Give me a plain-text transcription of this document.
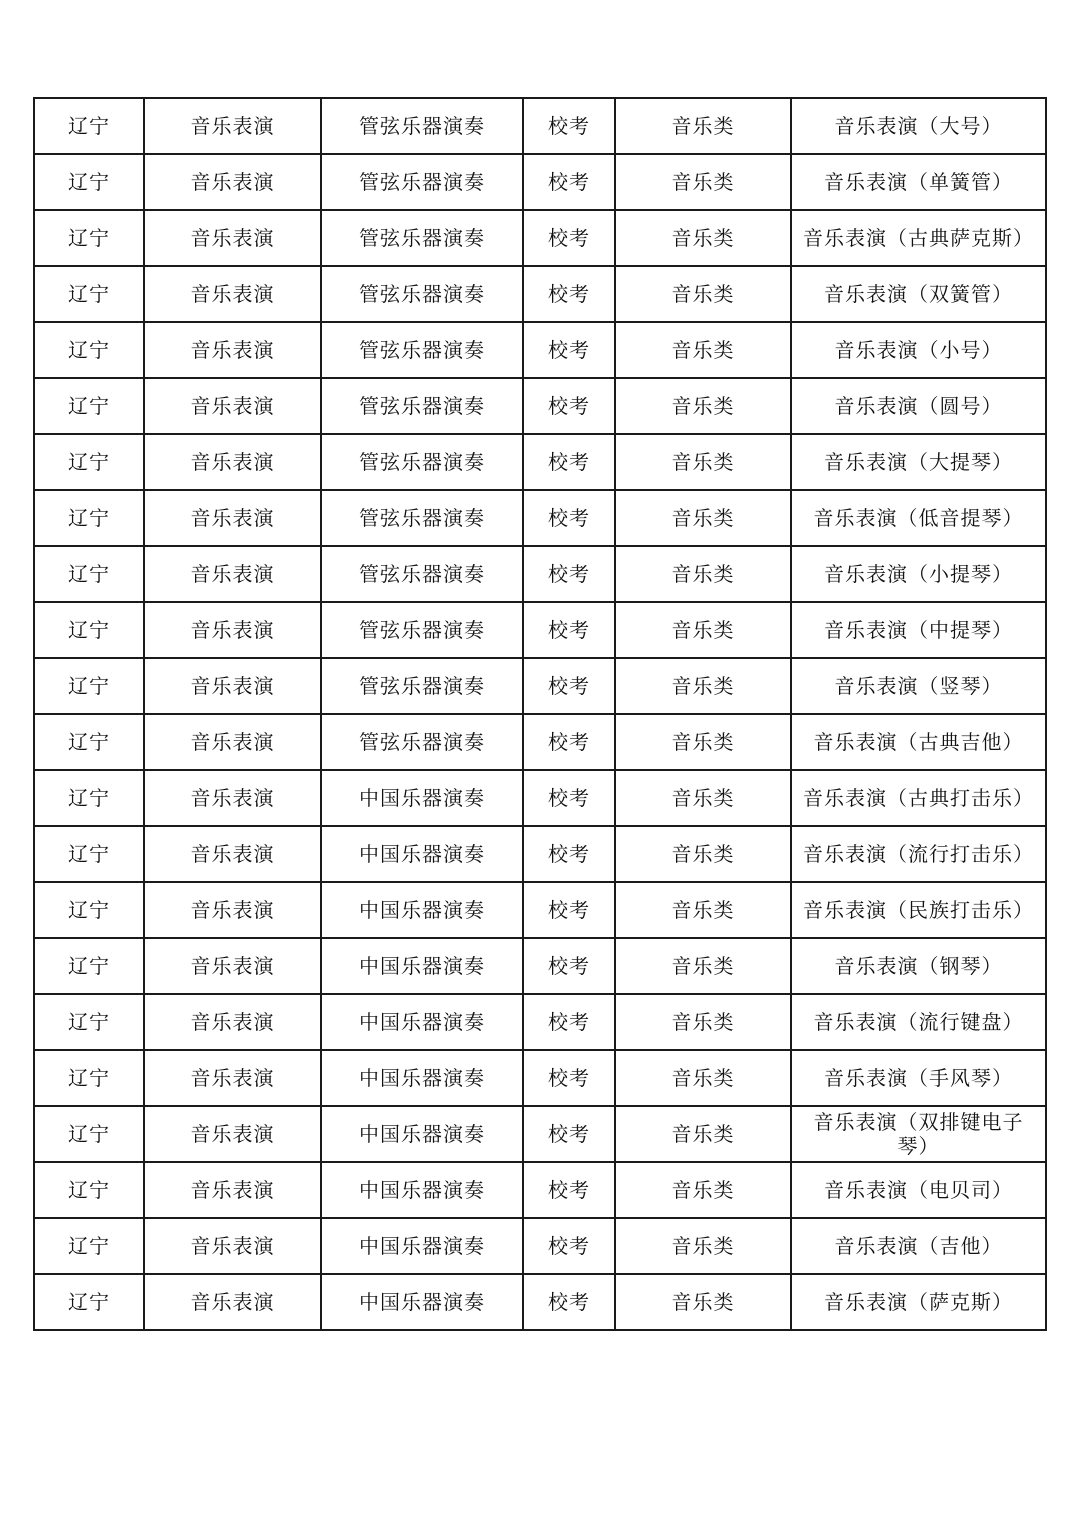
辽宁	音乐表演	管弦乐器演奏	校考	音乐类	音乐表演（大号）
辽宁	音乐表演	管弦乐器演奏	校考	音乐类	音乐表演（单簧管）
辽宁	音乐表演	管弦乐器演奏	校考	音乐类	音乐表演（古典萨克斯）
辽宁	音乐表演	管弦乐器演奏	校考	音乐类	音乐表演（双簧管）
辽宁	音乐表演	管弦乐器演奏	校考	音乐类	音乐表演（小号）
辽宁	音乐表演	管弦乐器演奏	校考	音乐类	音乐表演（圆号）
辽宁	音乐表演	管弦乐器演奏	校考	音乐类	音乐表演（大提琴）
辽宁	音乐表演	管弦乐器演奏	校考	音乐类	音乐表演（低音提琴）
辽宁	音乐表演	管弦乐器演奏	校考	音乐类	音乐表演（小提琴）
辽宁	音乐表演	管弦乐器演奏	校考	音乐类	音乐表演（中提琴）
辽宁	音乐表演	管弦乐器演奏	校考	音乐类	音乐表演（竖琴）
辽宁	音乐表演	管弦乐器演奏	校考	音乐类	音乐表演（古典吉他）
辽宁	音乐表演	中国乐器演奏	校考	音乐类	音乐表演（古典打击乐）
辽宁	音乐表演	中国乐器演奏	校考	音乐类	音乐表演（流行打击乐）
辽宁	音乐表演	中国乐器演奏	校考	音乐类	音乐表演（民族打击乐）
辽宁	音乐表演	中国乐器演奏	校考	音乐类	音乐表演（钢琴）
辽宁	音乐表演	中国乐器演奏	校考	音乐类	音乐表演（流行键盘）
辽宁	音乐表演	中国乐器演奏	校考	音乐类	音乐表演（手风琴）
辽宁	音乐表演	中国乐器演奏	校考	音乐类	音乐表演（双排键电子琴）
辽宁	音乐表演	中国乐器演奏	校考	音乐类	音乐表演（电贝司）
辽宁	音乐表演	中国乐器演奏	校考	音乐类	音乐表演（吉他）
辽宁	音乐表演	中国乐器演奏	校考	音乐类	音乐表演（萨克斯）
